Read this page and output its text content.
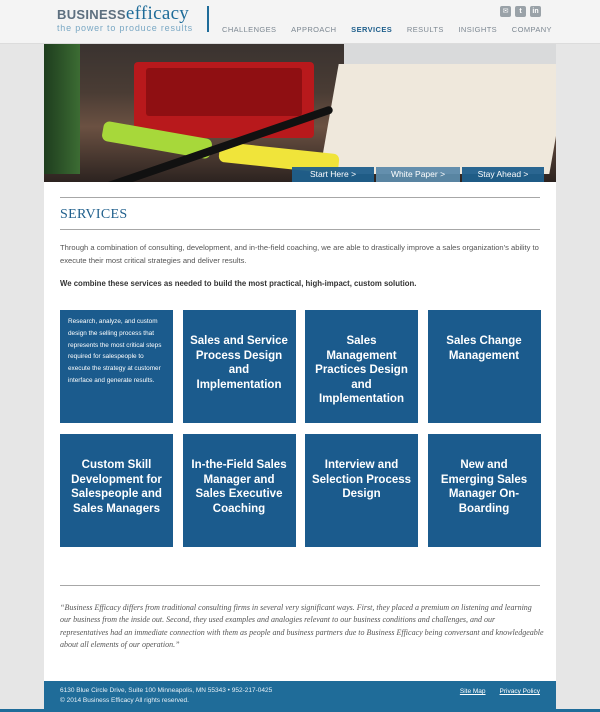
BUSINESSefficacy
the power to produce results	CHALLENGES APPROACH SERVICES RESULTS INSIGHTS COMPANY
✉	t	in
Start Here >	White Paper >	Stay Ahead >
SERVICES

Through a combination of consulting, development, and in-the-field coaching, we are able to drastically improve a sales organization's ability to execute their most critical strategies and deliver results.

We combine these services as needed to build the most practical, high-impact, custom solution.

Research, analyze, and custom design the selling process that represents the most critical steps required for salespeople to execute the strategy at customer interface and generate results.
Sales and Service Process Design and Implementation
Sales Management Practices Design and Implementation
Sales Change Management
Custom Skill Development for Salespeople and Sales Managers
In-the-Field Sales Manager and Sales Executive Coaching
Interview and Selection Process Design
New and Emerging Sales Manager On-Boarding

“Business Efficacy differs from traditional consulting firms in several very significant ways. First, they placed a premium on listening and learning our business from the inside out. Second, they used examples and analogies relevant to our business conditions and challenges, and our representatives had an immediate connection with them as people and business partners due to Business Efficacy being conversant and knowledgeable about all elements of our operation.”

6130 Blue Circle Drive, Suite 100 Minneapolis, MN 55343 • 952-217-0425
© 2014 Business Efficacy All rights reserved.
Site Map Privacy Policy
